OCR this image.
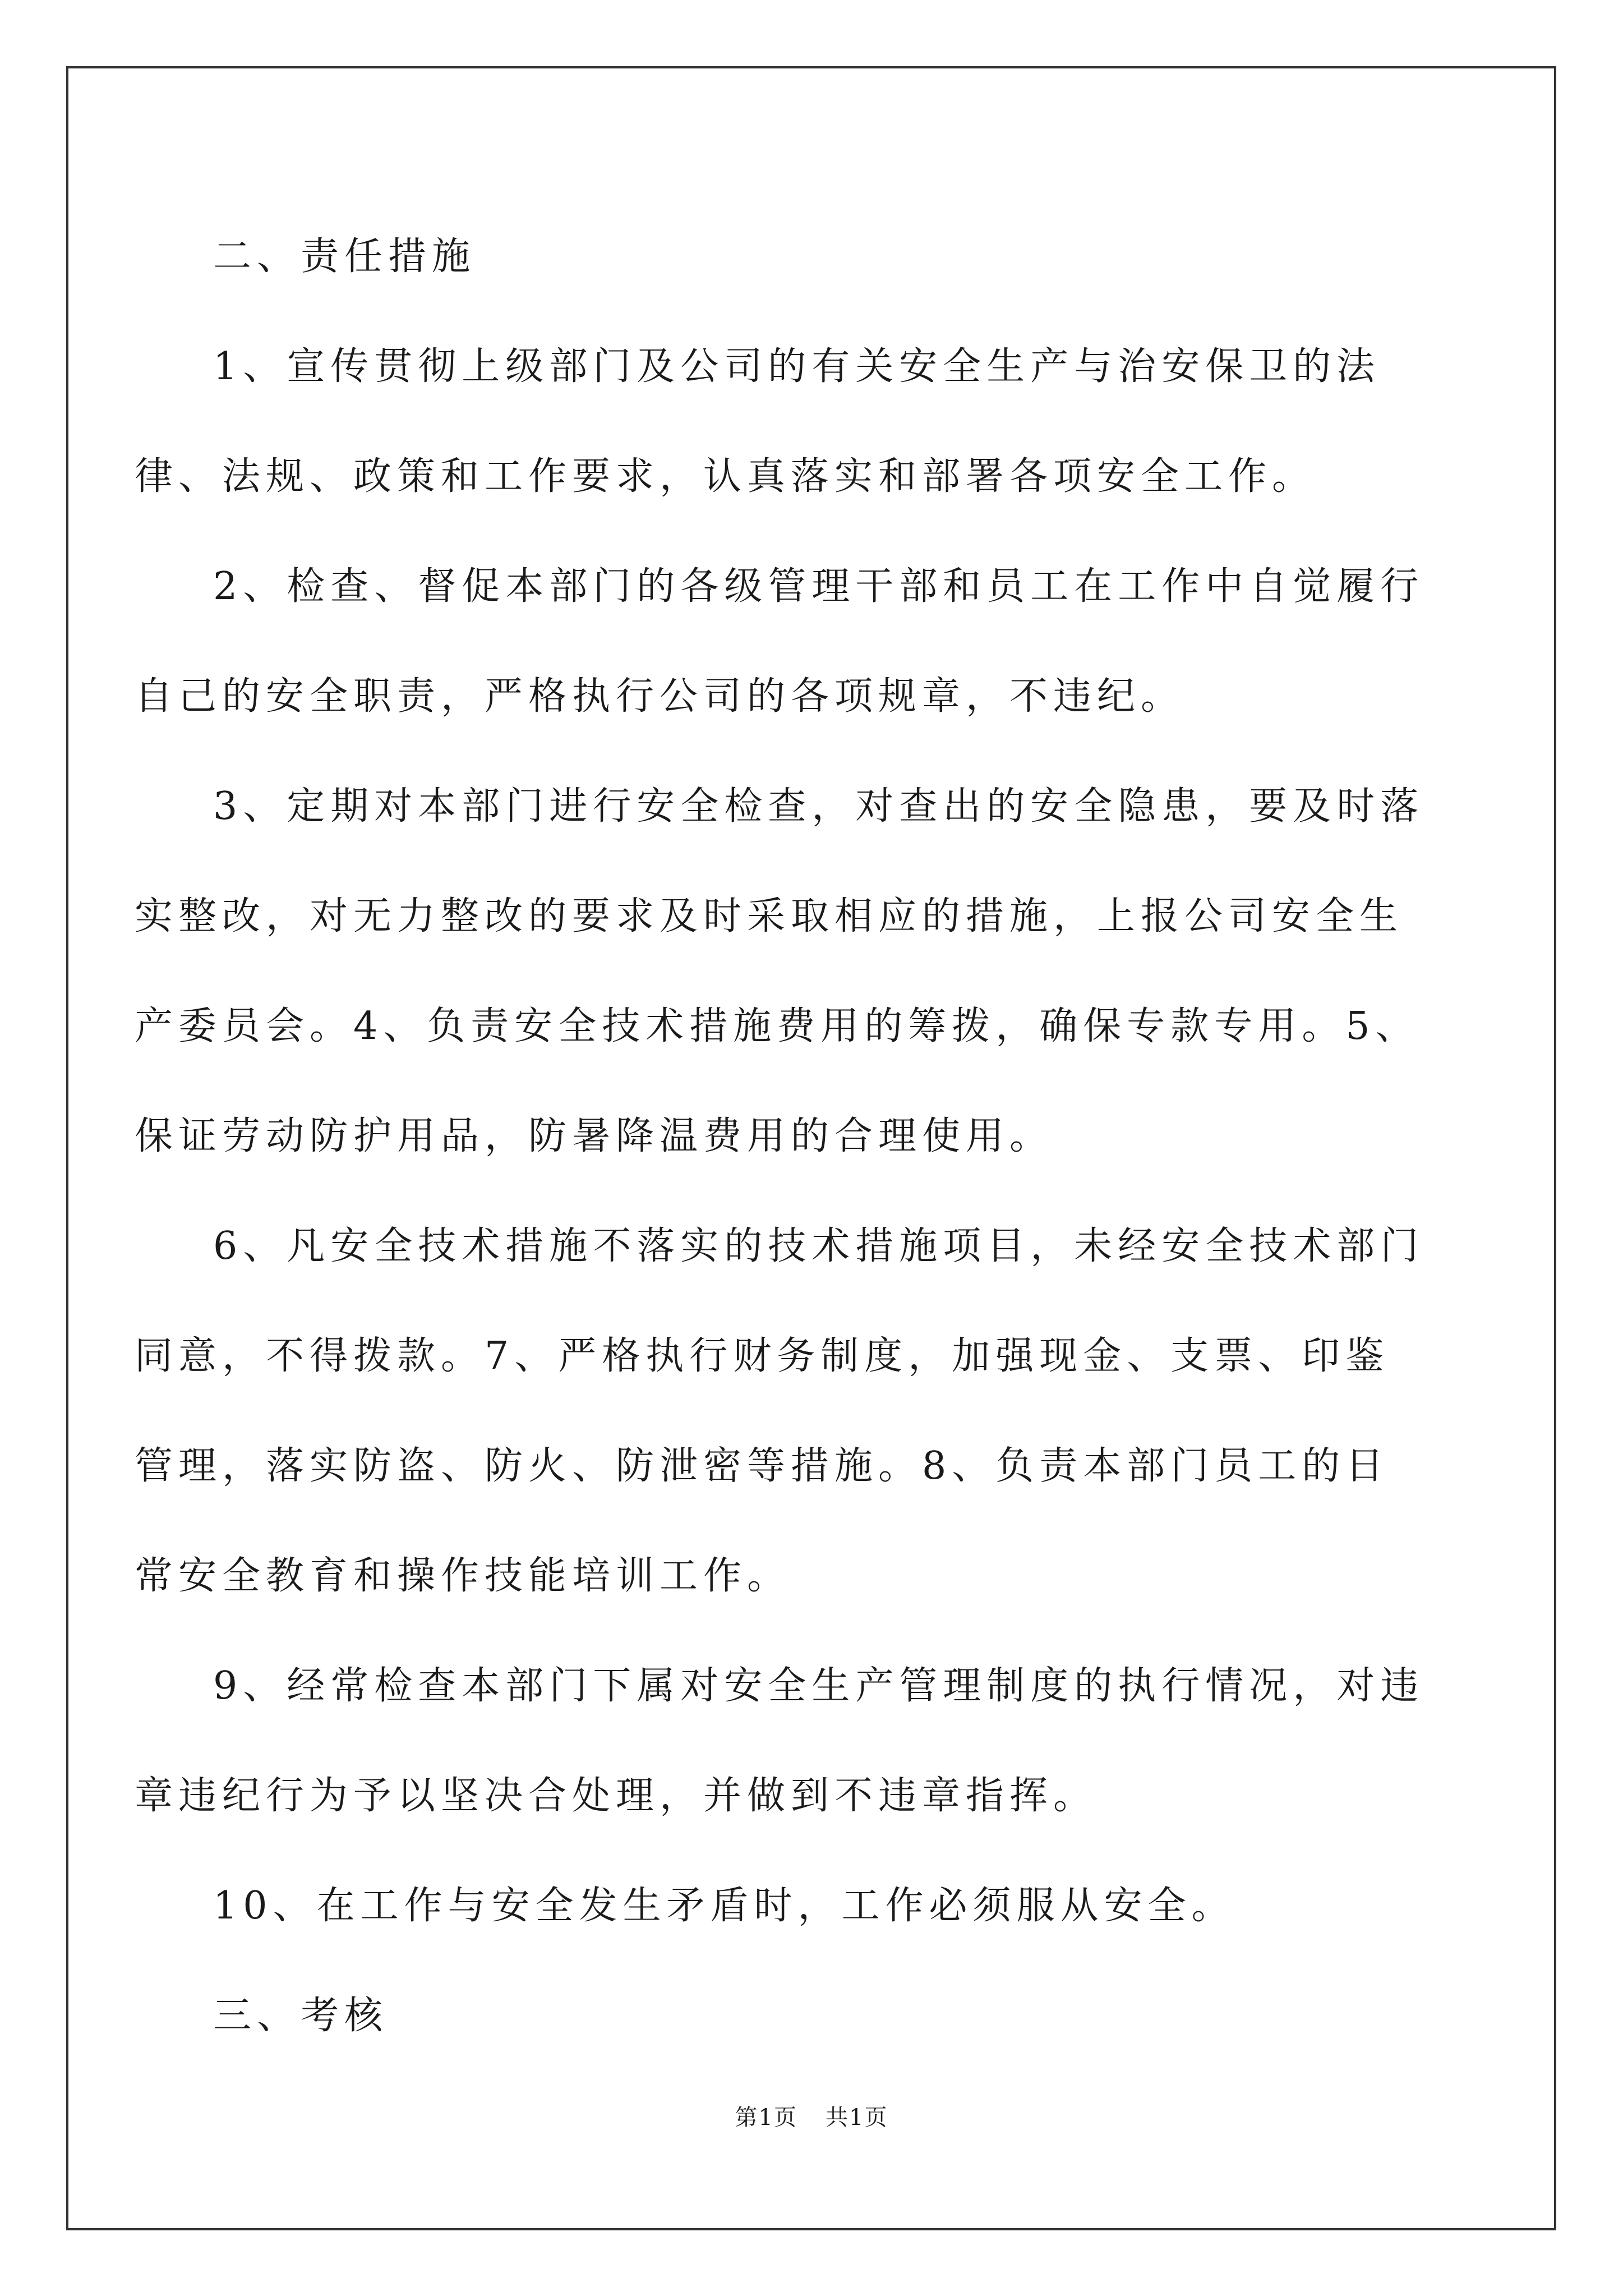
二、责任措施

1、宣传贯彻上级部门及公司的有关安全生产与治安保卫的法律、法规、政策和工作要求，认真落实和部署各项安全工作。

2、检查、督促本部门的各级管理干部和员工在工作中自觉履行自己的安全职责，严格执行公司的各项规章，不违纪。

3、定期对本部门进行安全检查，对查出的安全隐患，要及时落实整改，对无力整改的要求及时采取相应的措施，上报公司安全生产委员会。4、负责安全技术措施费用的筹拨，确保专款专用。5、保证劳动防护用品，防暑降温费用的合理使用。

6、凡安全技术措施不落实的技术措施项目，未经安全技术部门同意，不得拨款。7、严格执行财务制度，加强现金、支票、印鉴管理，落实防盗、防火、防泄密等措施。8、负责本部门员工的日常安全教育和操作技能培训工作。

9、经常检查本部门下属对安全生产管理制度的执行情况，对违章违纪行为予以坚决合处理，并做到不违章指挥。

10、在工作与安全发生矛盾时，工作必须服从安全。

三、考核

第1页 共1页
